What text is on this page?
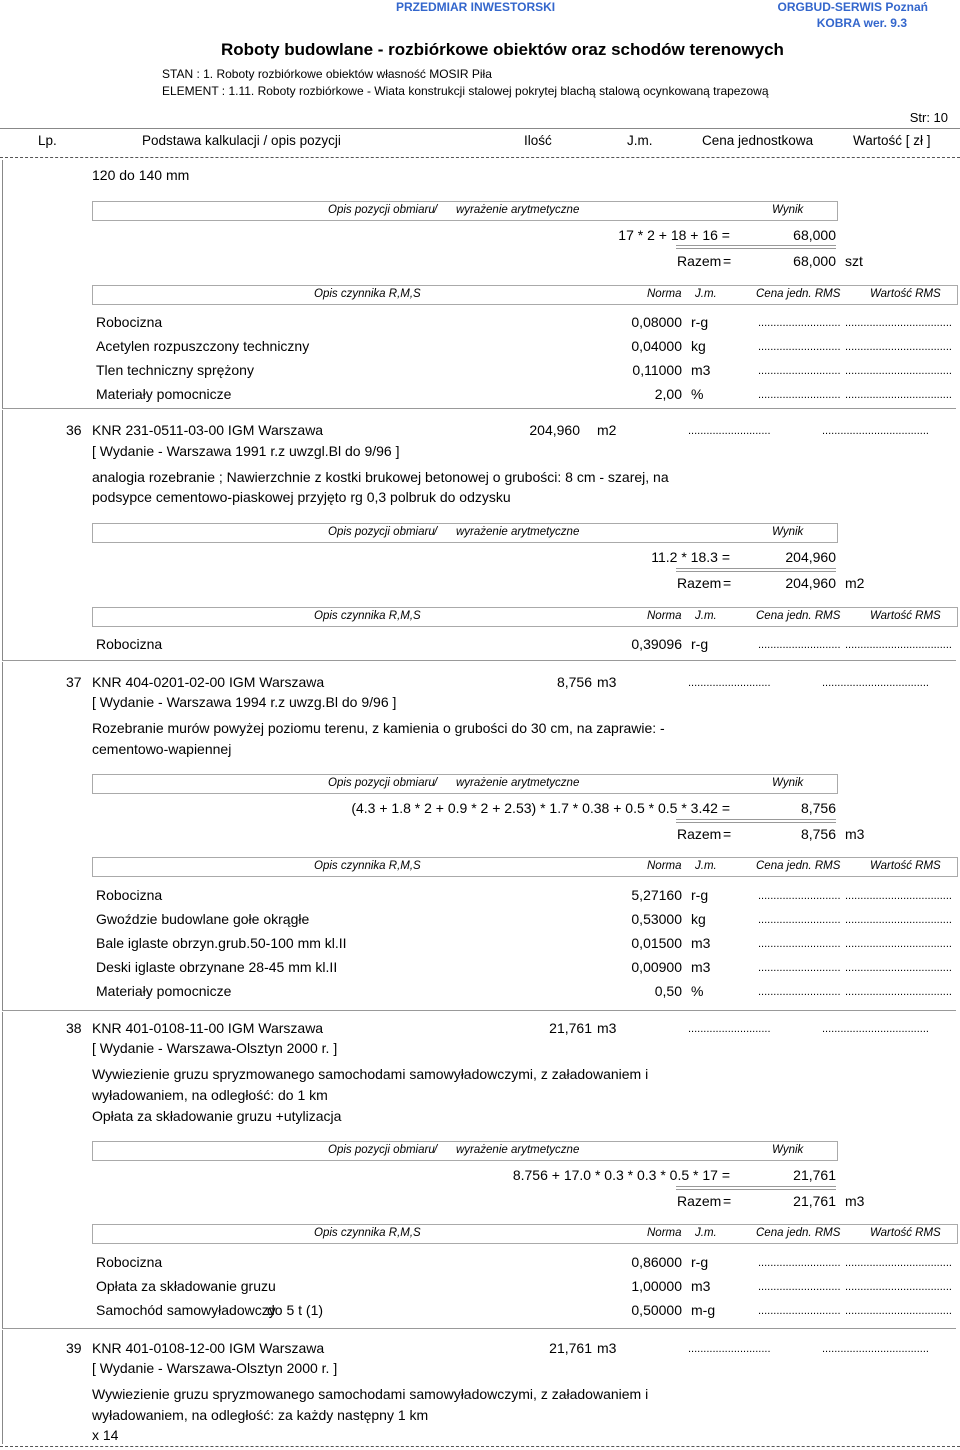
PRZEDMIAR INWESTORSKI	ORGBUD-SERWIS Poznań
KOBRA wer. 9.3
Roboty budowlane - rozbiórkowe obiektów oraz schodów terenowych
STAN : 1. Roboty rozbiórkowe obiektów własność MOSIR Piła
ELEMENT : 1.11. Roboty rozbiórkowe - Wiata konstrukcji stalowej pokrytej blachą stalową ocynkowaną trapezową
Str: 10
Lp.	Podstawa kalkulacji / opis pozycji	Ilość	J.m.	Cena jednostkowa	Wartość [ zł ]
120 do 140 mm
Opis pozycji obmiaru / wyrażenie arytmetyczne	Wynik
17 * 2 + 18 + 16 =	68,000
Razem =	68,000 szt
Opis czynnika R,M,S	Norma J.m.	Cena jedn. RMS	Wartość RMS
Robocizna	0,08000 r-g	........................... ...................................
Acetylen rozpuszczony techniczny	0,04000 kg	........................... ...................................
Tlen techniczny sprężony	0,11000 m3	........................... ...................................
Materiały pomocnicze	2,00 %	........................... ...................................
36 KNR 231-0511-03-00 IGM Warszawa	204,960 m2	...........................	...................................
[ Wydanie - Warszawa 1991 r.z uwzgl.Bl do 9/96 ]
analogia rozebranie ; Nawierzchnie z kostki brukowej betonowej o grubości: 8 cm - szarej, na
podsypce cementowo-piaskowej przyjęto rg 0,3 polbruk do odzysku
Opis pozycji obmiaru / wyrażenie arytmetyczne	Wynik
11.2 * 18.3 =	204,960
Razem =	204,960 m2
Opis czynnika R,M,S	Norma J.m.	Cena jedn. RMS	Wartość RMS
Robocizna	0,39096 r-g	........................... ...................................
37 KNR 404-0201-02-00 IGM Warszawa	8,756 m3	...........................	...................................
[ Wydanie - Warszawa 1994 r.z uwzg.Bl do 9/96 ]
Rozebranie murów powyżej poziomu terenu, z kamienia o grubości do 30 cm, na zaprawie: -
cementowo-wapiennej
Opis pozycji obmiaru / wyrażenie arytmetyczne	Wynik
(4.3 + 1.8 * 2 + 0.9 * 2 + 2.53) * 1.7 * 0.38 + 0.5 * 0.5 * 3.42 =	8,756
Razem =	8,756 m3
Opis czynnika R,M,S	Norma J.m.	Cena jedn. RMS	Wartość RMS
Robocizna	5,27160 r-g	........................... ...................................
Gwoździe budowlane gołe okrągłe	0,53000 kg	........................... ...................................
Bale iglaste obrzyn.grub.50-100 mm kl.II	0,01500 m3	........................... ...................................
Deski iglaste obrzynane 28-45 mm kl.II	0,00900 m3	........................... ...................................
Materiały pomocnicze	0,50 %	........................... ...................................
38 KNR 401-0108-11-00 IGM Warszawa	21,761 m3	...........................	...................................
[ Wydanie - Warszawa-Olsztyn 2000 r. ]
Wywiezienie gruzu spryzmowanego samochodami samowyładowczymi, z załadowaniem i
wyładowaniem, na odległość: do 1 km
Opłata za składowanie gruzu +utylizacja
Opis pozycji obmiaru / wyrażenie arytmetyczne	Wynik
8.756 + 17.0 * 0.3 * 0.3 * 0.5 * 17 =	21,761
Razem =	21,761 m3
Opis czynnika R,M,S	Norma J.m.	Cena jedn. RMS	Wartość RMS
Robocizna	0,86000 r-g	........................... ...................................
Opłata za składowanie gruzu	1,00000 m3	........................... ...................................
Samochód samowyładowczy
do 5 t (1)	0,50000 m-g	........................... ...................................
39 KNR 401-0108-12-00 IGM Warszawa	21,761 m3	...........................	...................................
[ Wydanie - Warszawa-Olsztyn 2000 r. ]
Wywiezienie gruzu spryzmowanego samochodami samowyładowczymi, z załadowaniem i
wyładowaniem, na odległość: za każdy następny 1 km
x 14
